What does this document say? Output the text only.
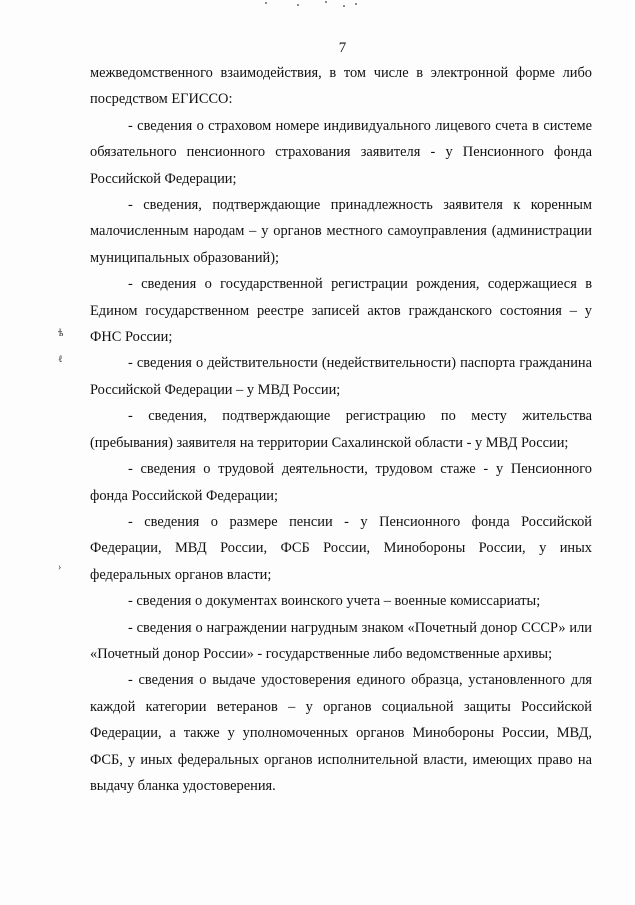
7
ѣ
ℓ
›

межведомственного взаимодействия, в том числе в электронной форме либо посредством ЕГИССО:

- сведения о страховом номере индивидуального лицевого счета в системе обязательного пенсионного страхования заявителя - у Пенсионного фонда Российской Федерации;

- сведения, подтверждающие принадлежность заявителя к коренным малочисленным народам – у органов местного самоуправления (администрации муниципальных образований);

- сведения о государственной регистрации рождения, содержащиеся в Едином государственном реестре записей актов гражданского состояния – у ФНС России;

- сведения о действительности (недействительности) паспорта гражданина Российской Федерации – у МВД России;

- сведения, подтверждающие регистрацию по месту жительства (пребывания) заявителя на территории Сахалинской области - у МВД России;

- сведения о трудовой деятельности, трудовом стаже - у Пенсионного фонда Российской Федерации;

- сведения о размере пенсии - у Пенсионного фонда Российской Федерации, МВД России, ФСБ России, Минобороны России, у иных федеральных органов власти;

- сведения о документах воинского учета – военные комиссариаты;

- сведения о награждении нагрудным знаком «Почетный донор СССР» или «Почетный донор России» - государственные либо ведомственные архивы;

- сведения о выдаче удостоверения единого образца, установленного для каждой категории ветеранов – у органов социальной защиты Российской Федерации, а также у уполномоченных органов Минобороны России, МВД, ФСБ, у иных федеральных органов исполнительной власти, имеющих право на выдачу бланка удостоверения.
